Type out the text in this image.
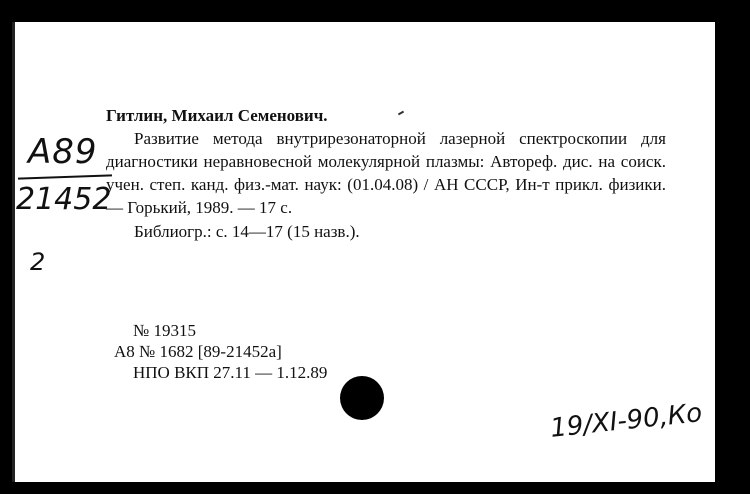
А89
21452
2
Гитлин, Михаил Семенович.
Развитие метода внутрирезонаторной лазерной спектроскопии для диагностики неравновесной молекулярной плазмы: Автореф. дис. на соиск. учен. степ. канд. физ.-мат. наук: (01.04.08) / АН СССР, Ин-т прикл. физики. — Горький, 1989. — 17 с.
Библиогр.: с. 14—17 (15 назв.).
№ 19315
А8 № 1682 [89-21452а]
НПО ВКП 27.11 — 1.12.89
19/XI-90,Ко
